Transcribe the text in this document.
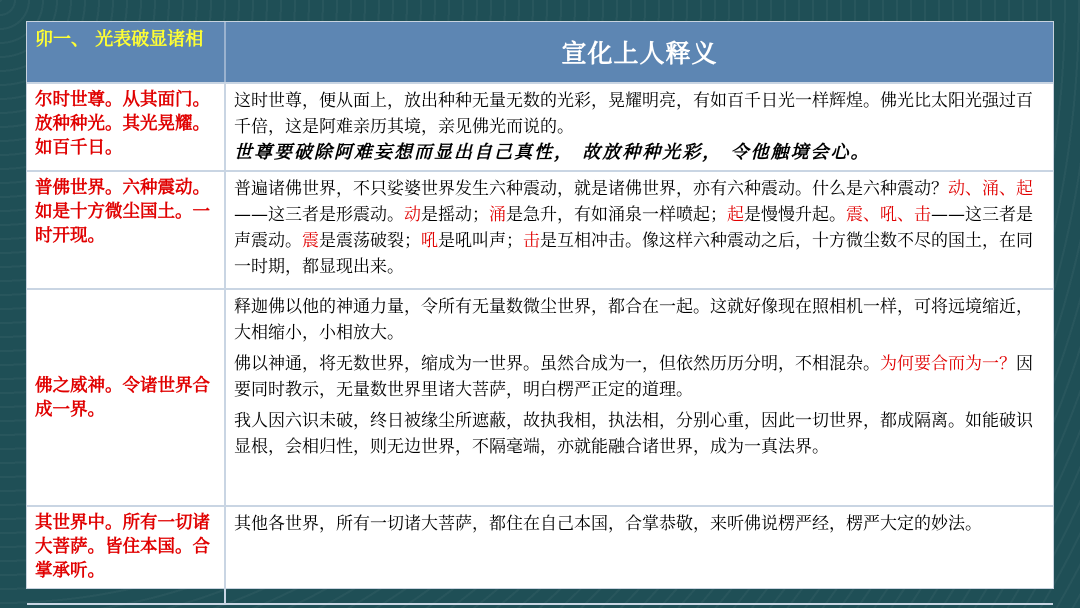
卯一、 光表破显诸相	宣化上人释义
尔时世尊。从其面门。放种种光。其光晃耀。如百千日。	这时世尊，便从面上，放出种种无量无数的光彩，晃耀明亮，有如百千日光一样辉煌。佛光比太阳光强过百千倍，这是阿难亲历其境，亲见佛光而说的。

世尊要破除阿难妄想而显出自己真性， 故放种种光彩， 令他触境会心。

普佛世界。六种震动。如是十方微尘国土。一时开现。	普遍诸佛世界，不只娑婆世界发生六种震动，就是诸佛世界，亦有六种震动。什么是六种震动？动、涌、起——这三者是形震动。动是摇动；涌是急升，有如涌泉一样喷起；起是慢慢升起。震、吼、击——这三者是声震动。震是震荡破裂；吼是吼叫声；击是互相冲击。像这样六种震动之后，十方微尘数不尽的国土，在同一时期，都显现出来。

佛之威神。令诸世界合成一界。	释迦佛以他的神通力量，令所有无量数微尘世界，都合在一起。这就好像现在照相机一样，可将远境缩近，大相缩小，小相放大。

佛以神通，将无数世界，缩成为一世界。虽然合成为一，但依然历历分明，不相混杂。为何要合而为一？因要同时教示，无量数世界里诸大菩萨，明白楞严正定的道理。

我人因六识未破，终日被缘尘所遮蔽，故执我相，执法相，分别心重，因此一切世界，都成隔离。如能破识显根，会相归性，则无边世界，不隔毫端，亦就能融合诸世界，成为一真法界。

其世界中。所有一切诸大菩萨。皆住本国。合掌承听。	其他各世界，所有一切诸大菩萨，都住在自己本国，合掌恭敬，来听佛说楞严经，楞严大定的妙法。
